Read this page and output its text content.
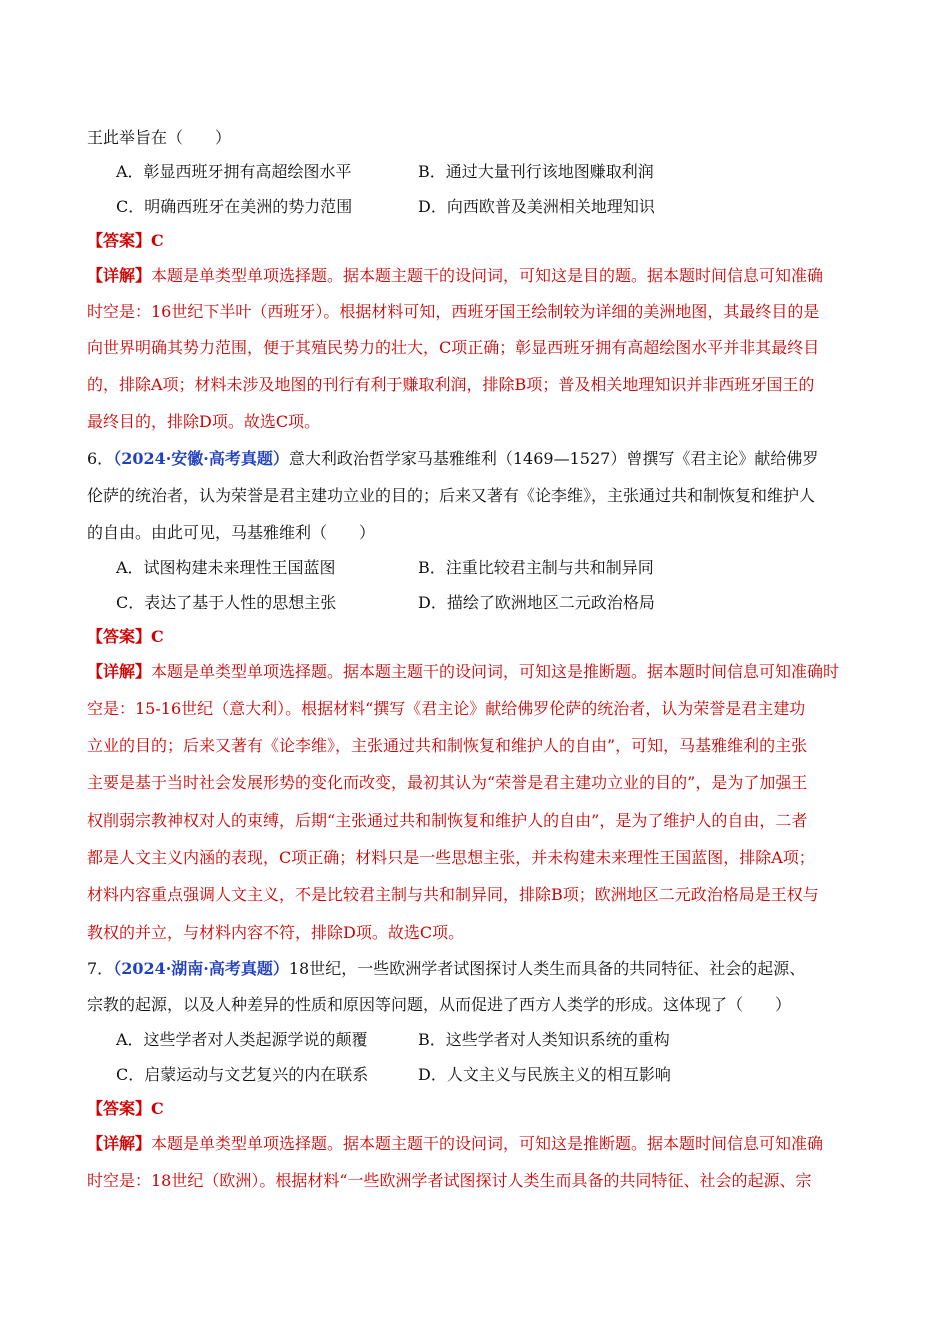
王此举旨在（　　）
A．彰显西班牙拥有高超绘图水平	B．通过大量刊行该地图赚取利润
C．明确西班牙在美洲的势力范围	D．向西欧普及美洲相关地理知识
【答案】C
【详解】本题是单类型单项选择题。据本题主题干的设问词，可知这是目的题。据本题时间信息可知准确
时空是：16世纪下半叶（西班牙）。根据材料可知，西班牙国王绘制较为详细的美洲地图，其最终目的是
向世界明确其势力范围，便于其殖民势力的壮大，C项正确；彰显西班牙拥有高超绘图水平并非其最终目
的，排除A项；材料未涉及地图的刊行有利于赚取利润，排除B项；普及相关地理知识并非西班牙国王的
最终目的，排除D项。故选C项。
6．（2024·安徽·高考真题）意大利政治哲学家马基雅维利（1469—1527）曾撰写《君主论》献给佛罗
伦萨的统治者，认为荣誉是君主建功立业的目的；后来又著有《论李维》，主张通过共和制恢复和维护人
的自由。由此可见，马基雅维利（　　）
A．试图构建未来理性王国蓝图	B．注重比较君主制与共和制异同
C．表达了基于人性的思想主张	D．描绘了欧洲地区二元政治格局
【答案】C
【详解】本题是单类型单项选择题。据本题主题干的设问词，可知这是推断题。据本题时间信息可知准确时
空是：15-16世纪（意大利）。根据材料“撰写《君主论》献给佛罗伦萨的统治者，认为荣誉是君主建功
立业的目的；后来又著有《论李维》，主张通过共和制恢复和维护人的自由”，可知，马基雅维利的主张
主要是基于当时社会发展形势的变化而改变，最初其认为“荣誉是君主建功立业的目的”，是为了加强王
权削弱宗教神权对人的束缚，后期“主张通过共和制恢复和维护人的自由”，是为了维护人的自由，二者
都是人文主义内涵的表现，C项正确；材料只是一些思想主张，并未构建未来理性王国蓝图，排除A项；
材料内容重点强调人文主义，不是比较君主制与共和制异同，排除B项；欧洲地区二元政治格局是王权与
教权的并立，与材料内容不符，排除D项。故选C项。
7．（2024·湖南·高考真题）18世纪，一些欧洲学者试图探讨人类生而具备的共同特征、社会的起源、
宗教的起源，以及人种差异的性质和原因等问题，从而促进了西方人类学的形成。这体现了（　　）
A．这些学者对人类起源学说的颠覆	B．这些学者对人类知识系统的重构
C．启蒙运动与文艺复兴的内在联系	D．人文主义与民族主义的相互影响
【答案】C
【详解】本题是单类型单项选择题。据本题主题干的设问词，可知这是推断题。据本题时间信息可知准确
时空是：18世纪（欧洲）。根据材料“一些欧洲学者试图探讨人类生而具备的共同特征、社会的起源、宗
